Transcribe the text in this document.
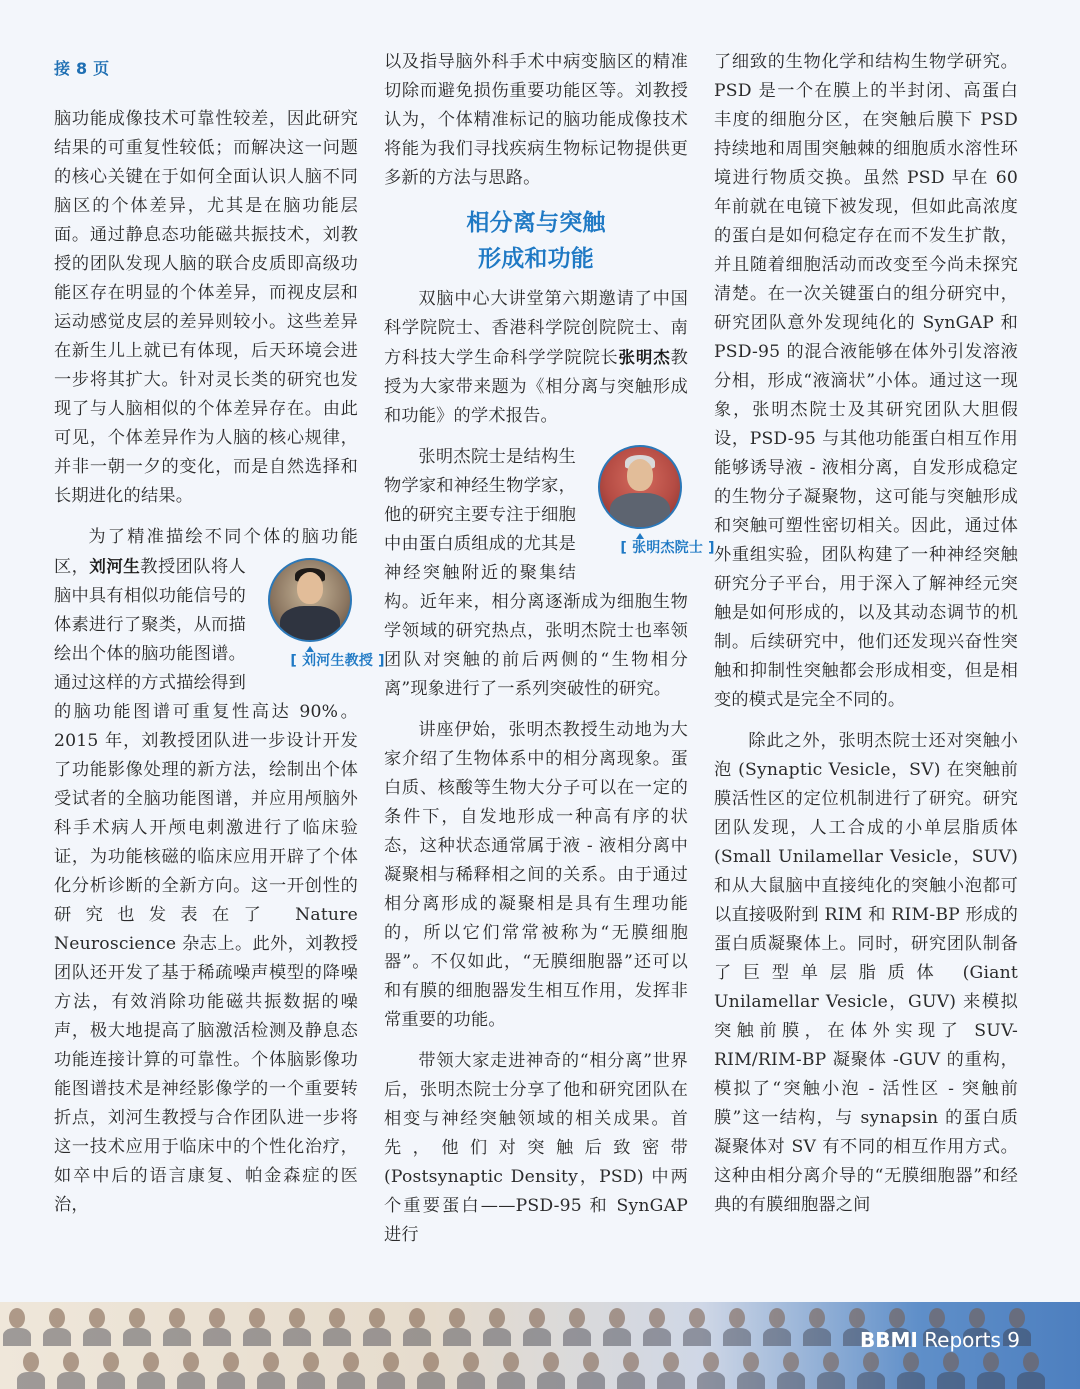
接 8 页

脑功能成像技术可靠性较差，因此研究结果的可重复性较低；而解决这一问题的核心关键在于如何全面认识人脑不同脑区的个体差异，尤其是在脑功能层面。通过静息态功能磁共振技术，刘教授的团队发现人脑的联合皮质即高级功能区存在明显的个体差异，而视皮层和运动感觉皮层的差异则较小。这些差异在新生儿上就已有体现，后天环境会进一步将其扩大。针对灵长类的研究也发现了与人脑相似的个体差异存在。由此可见，个体差异作为人脑的核心规律，并非一朝一夕的变化，而是自然选择和长期进化的结果。

为了精准描绘不同个体的脑功能区，刘河生
[ 刘河生教授 ]
教授团队将人脑中具有相似功能信号的体素进行了聚类，从而描绘出个体的脑功能图谱。通过这样的方式描绘得到的脑功能图谱可重复性高达 90%。2015 年，刘教授团队进一步设计开发了功能影像处理的新方法，绘制出个体受试者的全脑功能图谱，并应用颅脑外科手术病人开颅电刺激进行了临床验证，为功能核磁的临床应用开辟了个体化分析诊断的全新方向。这一开创性的研究也发表在了 Nature Neuroscience 杂志上。此外，刘教授团队还开发了基于稀疏噪声模型的降噪方法，有效消除功能磁共振数据的噪声，极大地提高了脑激活检测及静息态功能连接计算的可靠性。个体脑影像功能图谱技术是神经影像学的一个重要转折点，刘河生教授与合作团队进一步将这一技术应用于临床中的个性化治疗，如卒中后的语言康复、帕金森症的医治，

以及指导脑外科手术中病变脑区的精准切除而避免损伤重要功能区等。刘教授认为，个体精准标记的脑功能成像技术将能为我们寻找疾病生物标记物提供更多新的方法与思路。

相分离与突触
形成和功能

双脑中心大讲堂第六期邀请了中国科学院院士、香港科学院创院院士、南方科技大学生命科学学院院长张明杰教授为大家带来题为《相分离与突触形成和功能》的学术报告。

[ 张明杰院士 ]
张明杰院士是结构生物学家和神经生物学家，他的研究主要专注于细胞中由蛋白质组成的尤其是神经突触附近的聚集结构。近年来，相分离逐渐成为细胞生物学领域的研究热点，张明杰院士也率领团队对突触的前后两侧的“生物相分离”现象进行了一系列突破性的研究。

讲座伊始，张明杰教授生动地为大家介绍了生物体系中的相分离现象。蛋白质、核酸等生物大分子可以在一定的条件下，自发地形成一种高有序的状态，这种状态通常属于液 - 液相分离中凝聚相与稀释相之间的关系。由于通过相分离形成的凝聚相是具有生理功能的，所以它们常常被称为“无膜细胞器”。不仅如此，“无膜细胞器”还可以和有膜的细胞器发生相互作用，发挥非常重要的功能。

带领大家走进神奇的“相分离”世界后，张明杰院士分享了他和研究团队在相变与神经突触领域的相关成果。首先，他们对突触后致密带 (Postsynaptic Density，PSD) 中两个重要蛋白——PSD-95 和 SynGAP 进行

了细致的生物化学和结构生物学研究。PSD 是一个在膜上的半封闭、高蛋白丰度的细胞分区，在突触后膜下 PSD 持续地和周围突触棘的细胞质水溶性环境进行物质交换。虽然 PSD 早在 60 年前就在电镜下被发现，但如此高浓度的蛋白是如何稳定存在而不发生扩散，并且随着细胞活动而改变至今尚未探究清楚。在一次关键蛋白的组分研究中，研究团队意外发现纯化的 SynGAP 和 PSD-95 的混合液能够在体外引发溶液分相，形成“液滴状”小体。通过这一现象，张明杰院士及其研究团队大胆假设，PSD-95 与其他功能蛋白相互作用能够诱导液 - 液相分离，自发形成稳定的生物分子凝聚物，这可能与突触形成和突触可塑性密切相关。因此，通过体外重组实验，团队构建了一种神经突触研究分子平台，用于深入了解神经元突触是如何形成的，以及其动态调节的机制。后续研究中，他们还发现兴奋性突触和抑制性突触都会形成相变，但是相变的模式是完全不同的。

除此之外，张明杰院士还对突触小泡 (Synaptic Vesicle，SV) 在突触前膜活性区的定位机制进行了研究。研究团队发现，人工合成的小单层脂质体 (Small Unilamellar Vesicle，SUV) 和从大鼠脑中直接纯化的突触小泡都可以直接吸附到 RIM 和 RIM-BP 形成的蛋白质凝聚体上。同时，研究团队制备了巨型单层脂质体 (Giant Unilamellar Vesicle，GUV) 来模拟突触前膜，在体外实现了 SUV-RIM/RIM-BP 凝聚体 -GUV 的重构，模拟了“突触小泡 - 活性区 - 突触前膜”这一结构，与 synapsin 的蛋白质凝聚体对 SV 有不同的相互作用方式。这种由相分离介导的“无膜细胞器”和经典的有膜细胞器之间

BBMI Reports 9
